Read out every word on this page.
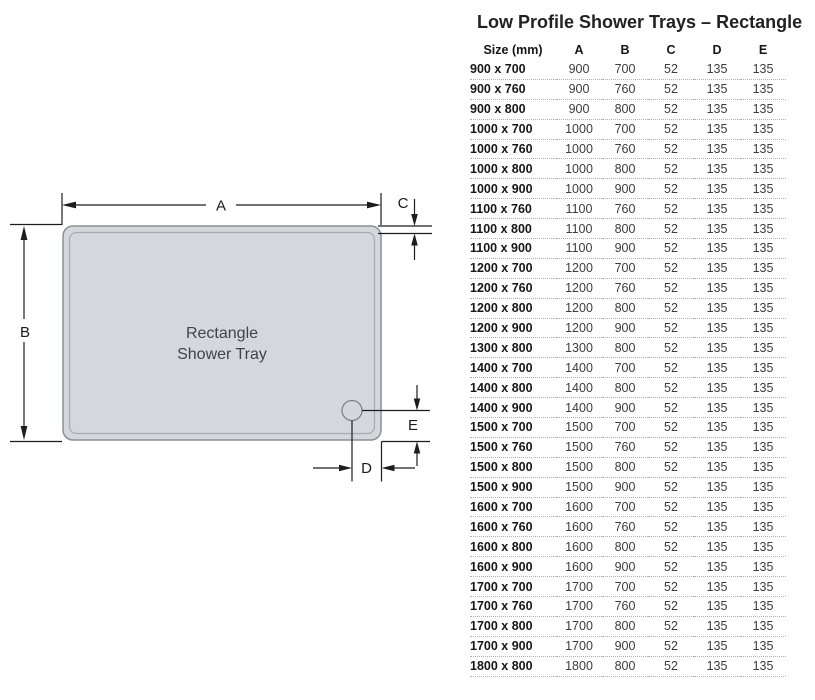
Rectangle
Shower Tray
A
B
C
E
D
Low Profile Shower Trays – Rectangle
Size (mm)	A	B	C	D	E
900 x 700	900	700	52	135	135
900 x 760	900	760	52	135	135
900 x 800	900	800	52	135	135
1000 x 700	1000	700	52	135	135
1000 x 760	1000	760	52	135	135
1000 x 800	1000	800	52	135	135
1000 x 900	1000	900	52	135	135
1100 x 760	1100	760	52	135	135
1100 x 800	1100	800	52	135	135
1100 x 900	1100	900	52	135	135
1200 x 700	1200	700	52	135	135
1200 x 760	1200	760	52	135	135
1200 x 800	1200	800	52	135	135
1200 x 900	1200	900	52	135	135
1300 x 800	1300	800	52	135	135
1400 x 700	1400	700	52	135	135
1400 x 800	1400	800	52	135	135
1400 x 900	1400	900	52	135	135
1500 x 700	1500	700	52	135	135
1500 x 760	1500	760	52	135	135
1500 x 800	1500	800	52	135	135
1500 x 900	1500	900	52	135	135
1600 x 700	1600	700	52	135	135
1600 x 760	1600	760	52	135	135
1600 x 800	1600	800	52	135	135
1600 x 900	1600	900	52	135	135
1700 x 700	1700	700	52	135	135
1700 x 760	1700	760	52	135	135
1700 x 800	1700	800	52	135	135
1700 x 900	1700	900	52	135	135
1800 x 800	1800	800	52	135	135
